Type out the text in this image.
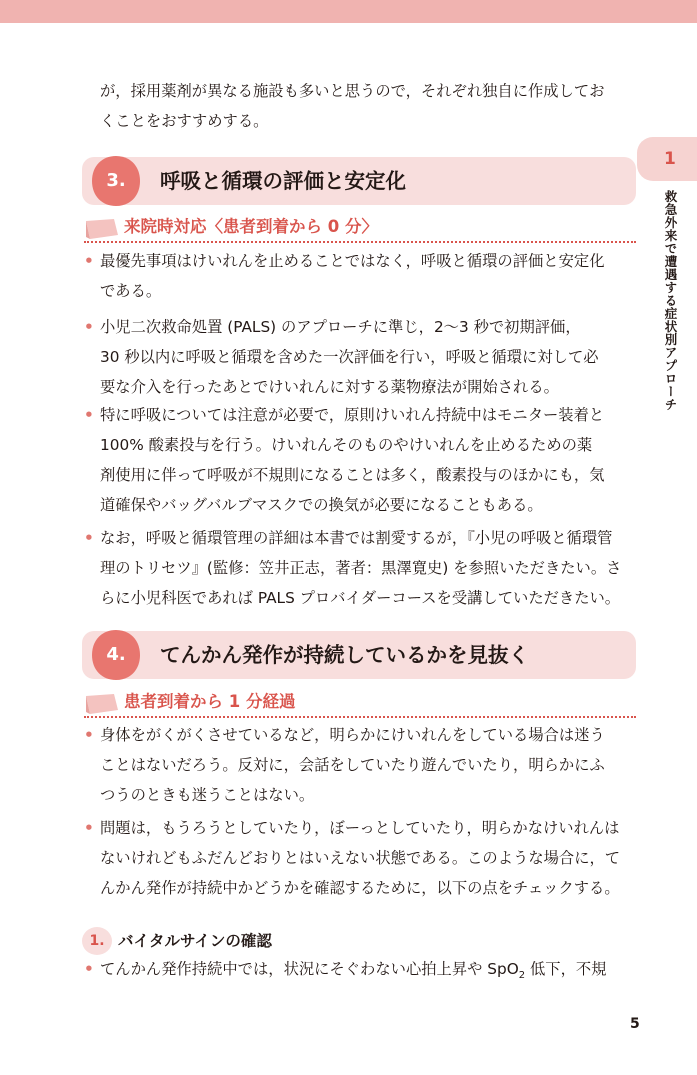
1
救急外来で遭遇する症状別アプローチ

が，採用薬剤が異なる施設も多いと思うので，それぞれ独自に作成してお

くことをおすすめする。

3.	呼吸と循環の評価と安定化
来院時対応〈患者到着から 0 分〉
• 最優先事項はけいれんを止めることではなく，呼吸と循環の評価と安定化
である。
• 小児二次救命処置 (PALS) のアプローチに準じ，2〜3 秒で初期評価，
30 秒以内に呼吸と循環を含めた一次評価を行い，呼吸と循環に対して必
要な介入を行ったあとでけいれんに対する薬物療法が開始される。
• 特に呼吸については注意が必要で，原則けいれん持続中はモニター装着と
100% 酸素投与を行う。けいれんそのものやけいれんを止めるための薬
剤使用に伴って呼吸が不規則になることは多く，酸素投与のほかにも，気
道確保やバッグバルブマスクでの換気が必要になることもある。
• なお，呼吸と循環管理の詳細は本書では割愛するが，『小児の呼吸と循環管
理のトリセツ』(監修：笠井正志，著者：黒澤寛史) を参照いただきたい。さ
らに小児科医であれば PALS プロバイダーコースを受講していただきたい。
4.	てんかん発作が持続しているかを見抜く
患者到着から 1 分経過
• 身体をがくがくさせているなど，明らかにけいれんをしている場合は迷う
ことはないだろう。反対に，会話をしていたり遊んでいたり，明らかにふ
つうのときも迷うことはない。
• 問題は，もうろうとしていたり，ぼーっとしていたり，明らかなけいれんは
ないけれどもふだんどおりとはいえない状態である。このような場合に，て
んかん発作が持続中かどうかを確認するために，以下の点をチェックする。
1. バイタルサインの確認
• てんかん発作持続中では，状況にそぐわない心拍上昇や SpO$_2$ 低下，不規
5
